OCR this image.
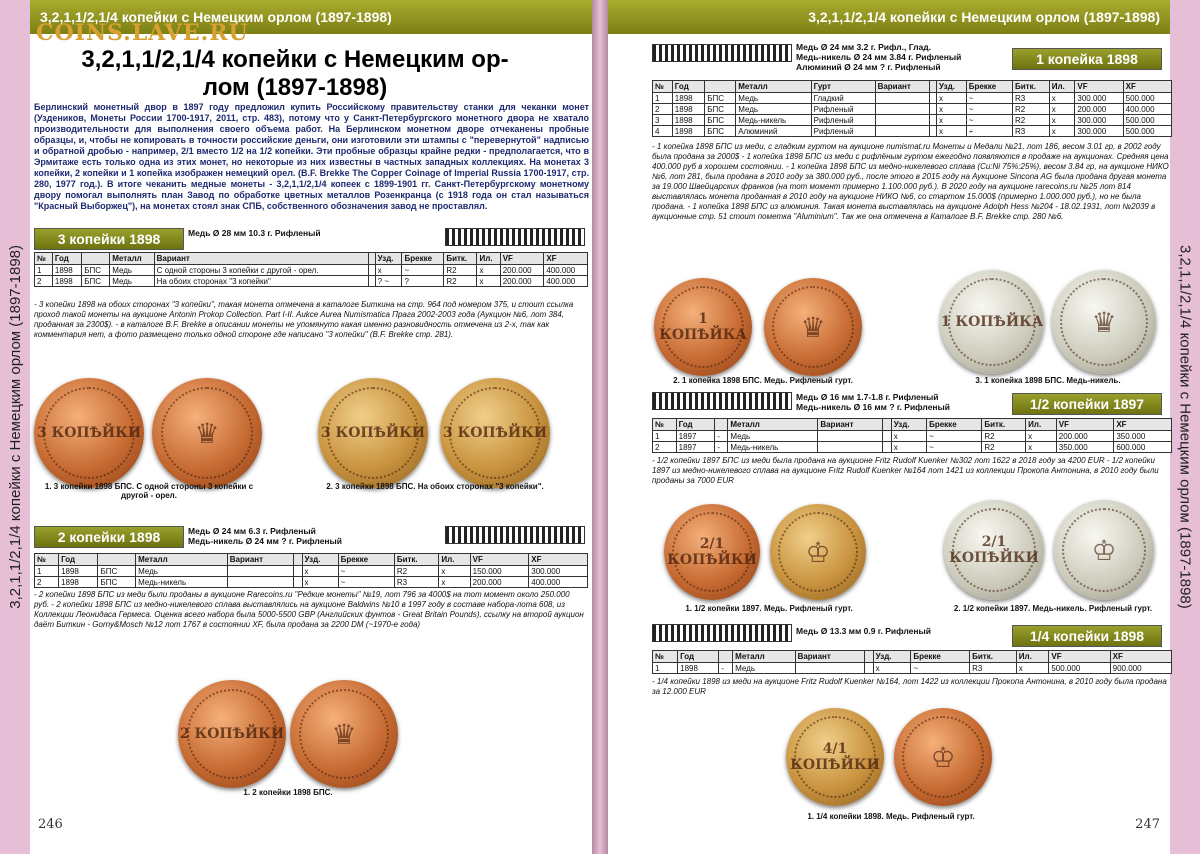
3,2,1,1/2,1/4 копейки с Немецким орлом (1897-1898)
3,2,1,1/2,1/4 копейки с Немецким орлом (1897-1898)
COINS.LAVE.RU
3,2,1,1/2,1/4 копейки с Немецким ор-лом (1897-1898)
Берлинский монетный двор в 1897 году предложил купить Российскому правительству станки для чеканки монет (Уздеников, Монеты России 1700-1917, 2011, стр. 483), потому что у Санкт-Петербургского монетного двора не хватало производительности для выполнения своего объема работ. На Берлинском монетном дворе отчеканены пробные образцы, и, чтобы не копировать в точности российские деньги, они изготовили эти штампы с "перевернутой" надписью и обратной дробью - например, 2/1 вместо 1/2 на 1/2 копейки. Эти пробные образцы крайне редки - предполагается, что в Эрмитаже есть только одна из этих монет, но некоторые из них известны в частных западных коллекциях. На монетах 3 копейки, 2 копейки и 1 копейка изображен немецкий орел. (B.F. Brekke The Copper Coinage of Imperial Russia 1700-1917, стр. 280, 1977 год.). В итоге чеканить медные монеты - 3,2,1,1/2,1/4 копеек с 1899-1901 гг. Санкт-Петербургскому монетному двору помогал выполнять план Завод по обработке цветных металлов Розенкранца (с 1918 года он стал называться "Красный Выборжец"), на монетах стоял знак СПБ, собственного обозначения завод не проставлял.
3 копейки 1898	Медь Ø 28 мм 10.3 г. Рифленый
№	Год		Металл	Вариант		Узд.	Брекке	Битк.	Ил.	VF	XF
1	1898	БПС	Медь	С одной стороны 3 копейки с другой - орел.		x	~	R2	x	200.000	400.000
2	1898	БПС	Медь	На обоих сторонах "3 копейки"		? ~	?	R2	x	200.000	400.000
- 3 копейки 1898 на обоих сторонах "3 копейки", такая монета отмечена в каталоге Биткина на стр. 964 под номером 375, и стоит ссылка проход такой монеты на аукционе Antonin Prokop Collection. Part I-II. Aukce Aurea Numismatica Прага 2002-2003 года (Аукцион №6, лот 384, проданная за 2300$). - в каталоге B.F. Brekke в описании монеты не упомянуто какая именно разновидность отмечена из 2-х, так как комментария нет, а фото размещено только одной стороне где написано "3 копейки" (B.F. Brekke стр. 281).
3 КОПѢЙКИ ♛
1. 3 копейки 1898 БПС. С одной стороны 3 копейки с другой - орел.
3 КОПѢЙКИ 3 КОПѢЙКИ
2. 3 копейки 1898 БПС. На обоих сторонах "3 копейки".
2 копейки 1898	Медь Ø 24 мм 6.3 г. Рифленый
Медь-никель Ø 24 мм ? г. Рифленый
№	Год		Металл	Вариант		Узд.	Брекке	Битк.	Ил.	VF	XF
1	1898	БПС	Медь			x	~	R2	x	150.000	300.000
2	1898	БПС	Медь-никель			x	~	R3	x	200.000	400.000
- 2 копейки 1898 БПС из меди были проданы в аукционе Rarecoins.ru "Редкие монеты" №19, лот 796 за 4000$ на тот момент около 250.000 руб. - 2 копейки 1898 БПС из медно-никелевого сплава выставлялись на аукционе Baldwins №10 в 1997 году в составе набора-лота 608, из Коллекции Леонидаса Гермеса. Оценка всего набора была 5000-5500 GBP (Английских фунтов - Great Britain Pounds), ссылку на второй аукцион даёт Биткин - Gorny&Mosch №12 лот 1767 в состоянии XF, была продана за 2200 DM (~1970-е года)
2 КОПѢЙКИ ♛
1. 2 копейки 1898 БПС.
246
3,2,1,1/2,1/4 копейки с Немецким орлом (1897-1898)
3,2,1,1/2,1/4 копейки с Немецким орлом (1897-1898)
Медь Ø 24 мм 3.2 г. Рифл., Глад.
Медь-никель Ø 24 мм 3.84 г. Рифленый
Алюминий Ø 24 мм ? г. Рифленый	1 копейка 1898
№	Год		Металл	Гурт	Вариант		Узд.	Брекке	Битк.	Ил.	VF	XF
1	1898	БПС	Медь	Гладкий			x	~	R3	x	300.000	500.000
2	1898	БПС	Медь	Рифленый			x	~	R2	x	200.000	400.000
3	1898	БПС	Медь-никель	Рифленый			x	~	R2	x	300.000	500.000
4	1898	БПС	Алюминий	Рифленый			x	÷	R3	x	300.000	500.000
- 1 копейка 1898 БПС из меди, с гладким гуртом на аукционе numismat.ru Монеты и Медали №21, лот 186, весом 3.01 гр, в 2002 году была продана за 2000$ - 1 копейка 1898 БПС из меди с рифлёным гуртом ежегодно появляются в продаже на аукционах. Средняя цена 400.000 руб в хорошем состоянии. - 1 копейка 1898 БПС из медно-никелевого сплава (Cu:Ni 75%:25%), весом 3.84 гр, на аукционе НИКО №6, лот 281, была продана в 2010 году за 380.000 руб., после этого в 2015 году на Аукционе Sincona AG была продана другая монета за 19.000 Швейцарских франков (на тот момент примерно 1.100.000 руб.). В 2020 году на аукционе rarecoins.ru №25 лот 814 выставлялась монета проданная в 2010 году на аукционе НИКО №6, со стартом 15.000$ (примерно 1.000.000 руб.), но не была продана. - 1 копейка 1898 БПС из алюминия. Такая монета выставлялась на аукционе Adolph Hess №204 - 18.02.1931, лот №2039 в аукционные стр. 51 стоит пометка "Aluminium". Так же она отмечена в Каталоге B.F. Brekke стр. 280 №6.
1 КОПѢЙКА ♛
2. 1 копейка 1898 БПС. Медь. Рифленый гурт.
1 КОПѢЙКА ♛
3. 1 копейка 1898 БПС. Медь-никель.
Медь Ø 16 мм 1.7-1.8 г. Рифленый
Медь-никель Ø 16 мм ? г. Рифленый	1/2 копейки 1897
№	Год		Металл	Вариант		Узд.	Брекке	Битк.	Ил.	VF	XF
1	1897	-	Медь			x	~	R2	x	200.000	350.000
2	1897	-	Медь-никель			x	~	R2	x	350.000	600.000
- 1/2 копейки 1897 БПС из меди была продана на аукционе Fritz Rudolf Kuenker №302 лот 1622 в 2018 году за 4200 EUR - 1/2 копейки 1897 из медно-никелевого сплава на аукционе Fritz Rudolf Kuenker №164 лот 1421 из коллекции Прокопа Антонина, в 2010 году были проданы за 7000 EUR
2/1 КОПѢЙКИ ♔
1. 1/2 копейки 1897. Медь. Рифленый гурт.
2/1 КОПѢЙКИ ♔
2. 1/2 копейки 1897. Медь-никель. Рифленый гурт.
Медь Ø 13.3 мм 0.9 г. Рифленый	1/4 копейки 1898
№	Год		Металл	Вариант		Узд.	Брекке	Битк.	Ил.	VF	XF
1	1898	-	Медь			x	~	R3	x	500.000	900.000
- 1/4 копейки 1898 из меди на аукционе Fritz Rudolf Kuenker №164, лот 1422 из коллекции Прокопа Антонина, в 2010 году была продана за 12.000 EUR
4/1 КОПѢЙКИ ♔
1. 1/4 копейки 1898. Медь. Рифленый гурт.
247
